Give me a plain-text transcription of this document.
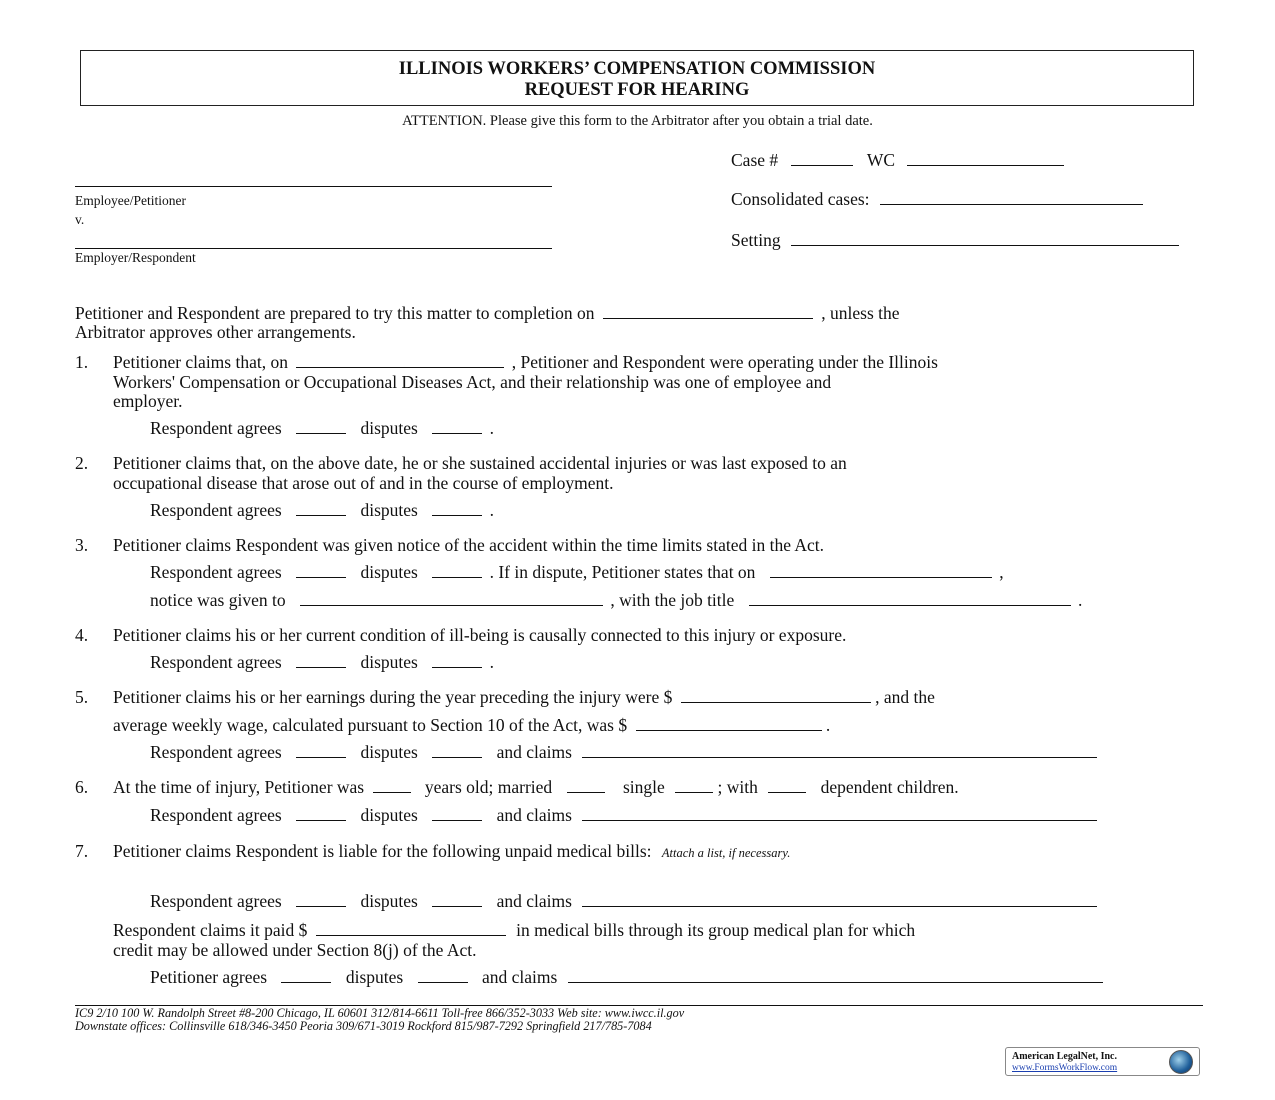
ILLINOIS WORKERS’ COMPENSATION COMMISSION
REQUEST FOR HEARING
ATTENTION. Please give this form to the Arbitrator after you obtain a trial date.
Employee/Petitioner
v.
Employer/Respondent
Case #	WC
Consolidated cases:
Setting
Petitioner and Respondent are prepared to try this matter to completion on	, unless the
Arbitrator approves other arrangements.
1. Petitioner claims that, on	, Petitioner and Respondent were operating under the Illinois
Workers' Compensation or Occupational Diseases Act, and their relationship was one of employee and
employer.
Respondent agrees	disputes	.
2. Petitioner claims that, on the above date, he or she sustained accidental injuries or was last exposed to an
occupational disease that arose out of and in the course of employment.
Respondent agrees	disputes	.
3. Petitioner claims Respondent was given notice of the accident within the time limits stated in the Act.
Respondent agrees	disputes	. If in dispute, Petitioner states that on	,
notice was given to	, with the job title	.
4. Petitioner claims his or her current condition of ill-being is causally connected to this injury or exposure.
Respondent agrees	disputes	.
5. Petitioner claims his or her earnings during the year preceding the injury were $	, and the
average weekly wage, calculated pursuant to Section 10 of the Act, was $	.
Respondent agrees	disputes	and claims
6. At the time of injury, Petitioner was	years old; married	single	; with	dependent children.
Respondent agrees	disputes	and claims
7. Petitioner claims Respondent is liable for the following unpaid medical bills: Attach a list, if necessary.
Respondent agrees	disputes	and claims
Respondent claims it paid $	in medical bills through its group medical plan for which
credit may be allowed under Section 8(j) of the Act.
Petitioner agrees	disputes	and claims
IC9 2/10 100 W. Randolph Street #8-200 Chicago, IL 60601 312/814-6611 Toll-free 866/352-3033 Web site: www.iwcc.il.gov
Downstate offices: Collinsville 618/346-3450 Peoria 309/671-3019 Rockford 815/987-7292 Springfield 217/785-7084
American LegalNet, Inc.
www.FormsWorkFlow.com
